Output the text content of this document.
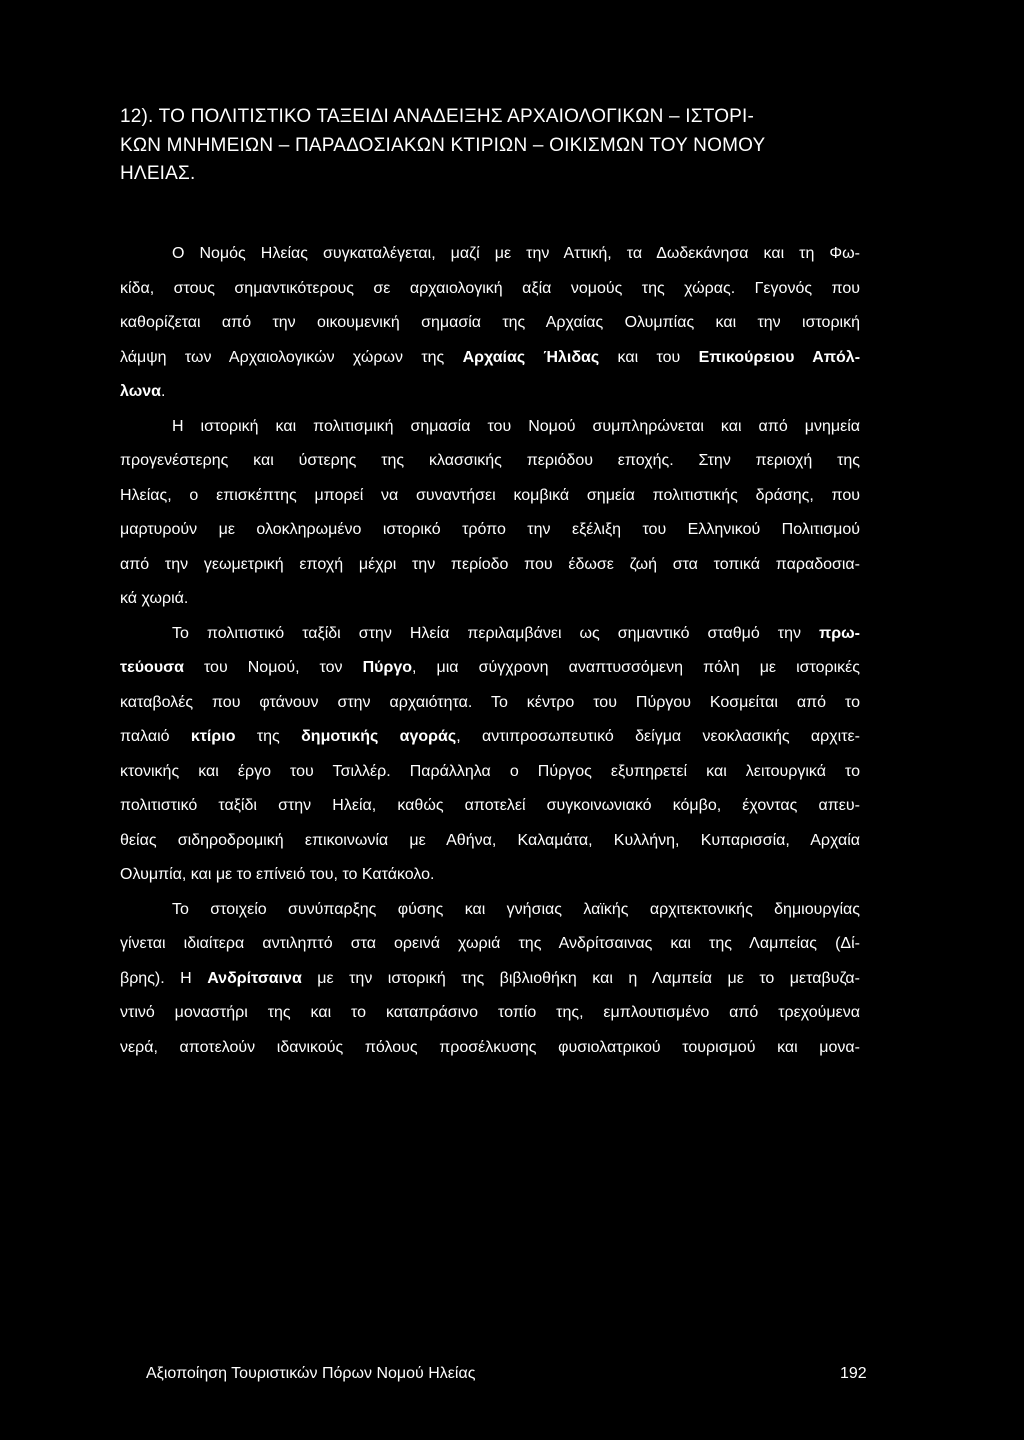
12). ΤΟ ΠΟΛΙΤΙΣΤΙΚΟ ΤΑΞΕΙΔΙ ΑΝΑΔΕΙΞΗΣ ΑΡΧΑΙΟΛΟΓΙΚΩΝ – ΙΣΤΟΡΙ-
ΚΩΝ ΜΝΗΜΕΙΩΝ – ΠΑΡΑΔΟΣΙΑΚΩΝ ΚΤΙΡΙΩΝ – ΟΙΚΙΣΜΩΝ ΤΟΥ ΝΟΜΟΥ
ΗΛΕΙΑΣ.

Ο Νομός Ηλείας συγκαταλέγεται, μαζί με την Αττική, τα Δωδεκάνησα και τη Φω-
κίδα, στους σημαντικότερους σε αρχαιολογική αξία νομούς της χώρας. Γεγονός που
καθορίζεται από την οικουμενική σημασία της Αρχαίας Ολυμπίας και την ιστορική
λάμψη των Αρχαιολογικών χώρων της Αρχαίας Ήλιδας και του Επικούρειου Απόλ-
λωνα.

Η ιστορική και πολιτισμική σημασία του Νομού συμπληρώνεται και από μνημεία
προγενέστερης και ύστερης της κλασσικής περιόδου εποχής. Στην περιοχή της
Ηλείας, ο επισκέπτης μπορεί να συναντήσει κομβικά σημεία πολιτιστικής δράσης, που
μαρτυρούν με ολοκληρωμένο ιστορικό τρόπο την εξέλιξη του Ελληνικού Πολιτισμού
από την γεωμετρική εποχή μέχρι την περίοδο που έδωσε ζωή στα τοπικά παραδοσια-
κά χωριά.

Το πολιτιστικό ταξίδι στην Ηλεία περιλαμβάνει ως σημαντικό σταθμό την πρω-
τεύουσα του Νομού, τον Πύργο, μια σύγχρονη αναπτυσσόμενη πόλη με ιστορικές
καταβολές που φτάνουν στην αρχαιότητα. Το κέντρο του Πύργου Κοσμείται από το
παλαιό κτίριο της δημοτικής αγοράς, αντιπροσωπευτικό δείγμα νεοκλασικής αρχιτε-
κτονικής και έργο του Τσιλλέρ. Παράλληλα ο Πύργος εξυπηρετεί και λειτουργικά το
πολιτιστικό ταξίδι στην Ηλεία, καθώς αποτελεί συγκοινωνιακό κόμβο, έχοντας απευ-
θείας σιδηροδρομική επικοινωνία με Αθήνα, Καλαμάτα, Κυλλήνη, Κυπαρισσία, Αρχαία
Ολυμπία, και με το επίνειό του, το Κατάκολο.

Το στοιχείο συνύπαρξης φύσης και γνήσιας λαϊκής αρχιτεκτονικής δημιουργίας
γίνεται ιδιαίτερα αντιληπτό στα ορεινά χωριά της Ανδρίτσαινας και της Λαμπείας (Δί-
βρης). Η Ανδρίτσαινα με την ιστορική της βιβλιοθήκη και η Λαμπεία με το μεταβυζα-
ντινό μοναστήρι της και το καταπράσινο τοπίο της, εμπλουτισμένο από τρεχούμενα
νερά, αποτελούν ιδανικούς πόλους προσέλκυσης φυσιολατρικού τουρισμού και μονα-

Αξιοποίηση Τουριστικών Πόρων Νομού Ηλείας	192
